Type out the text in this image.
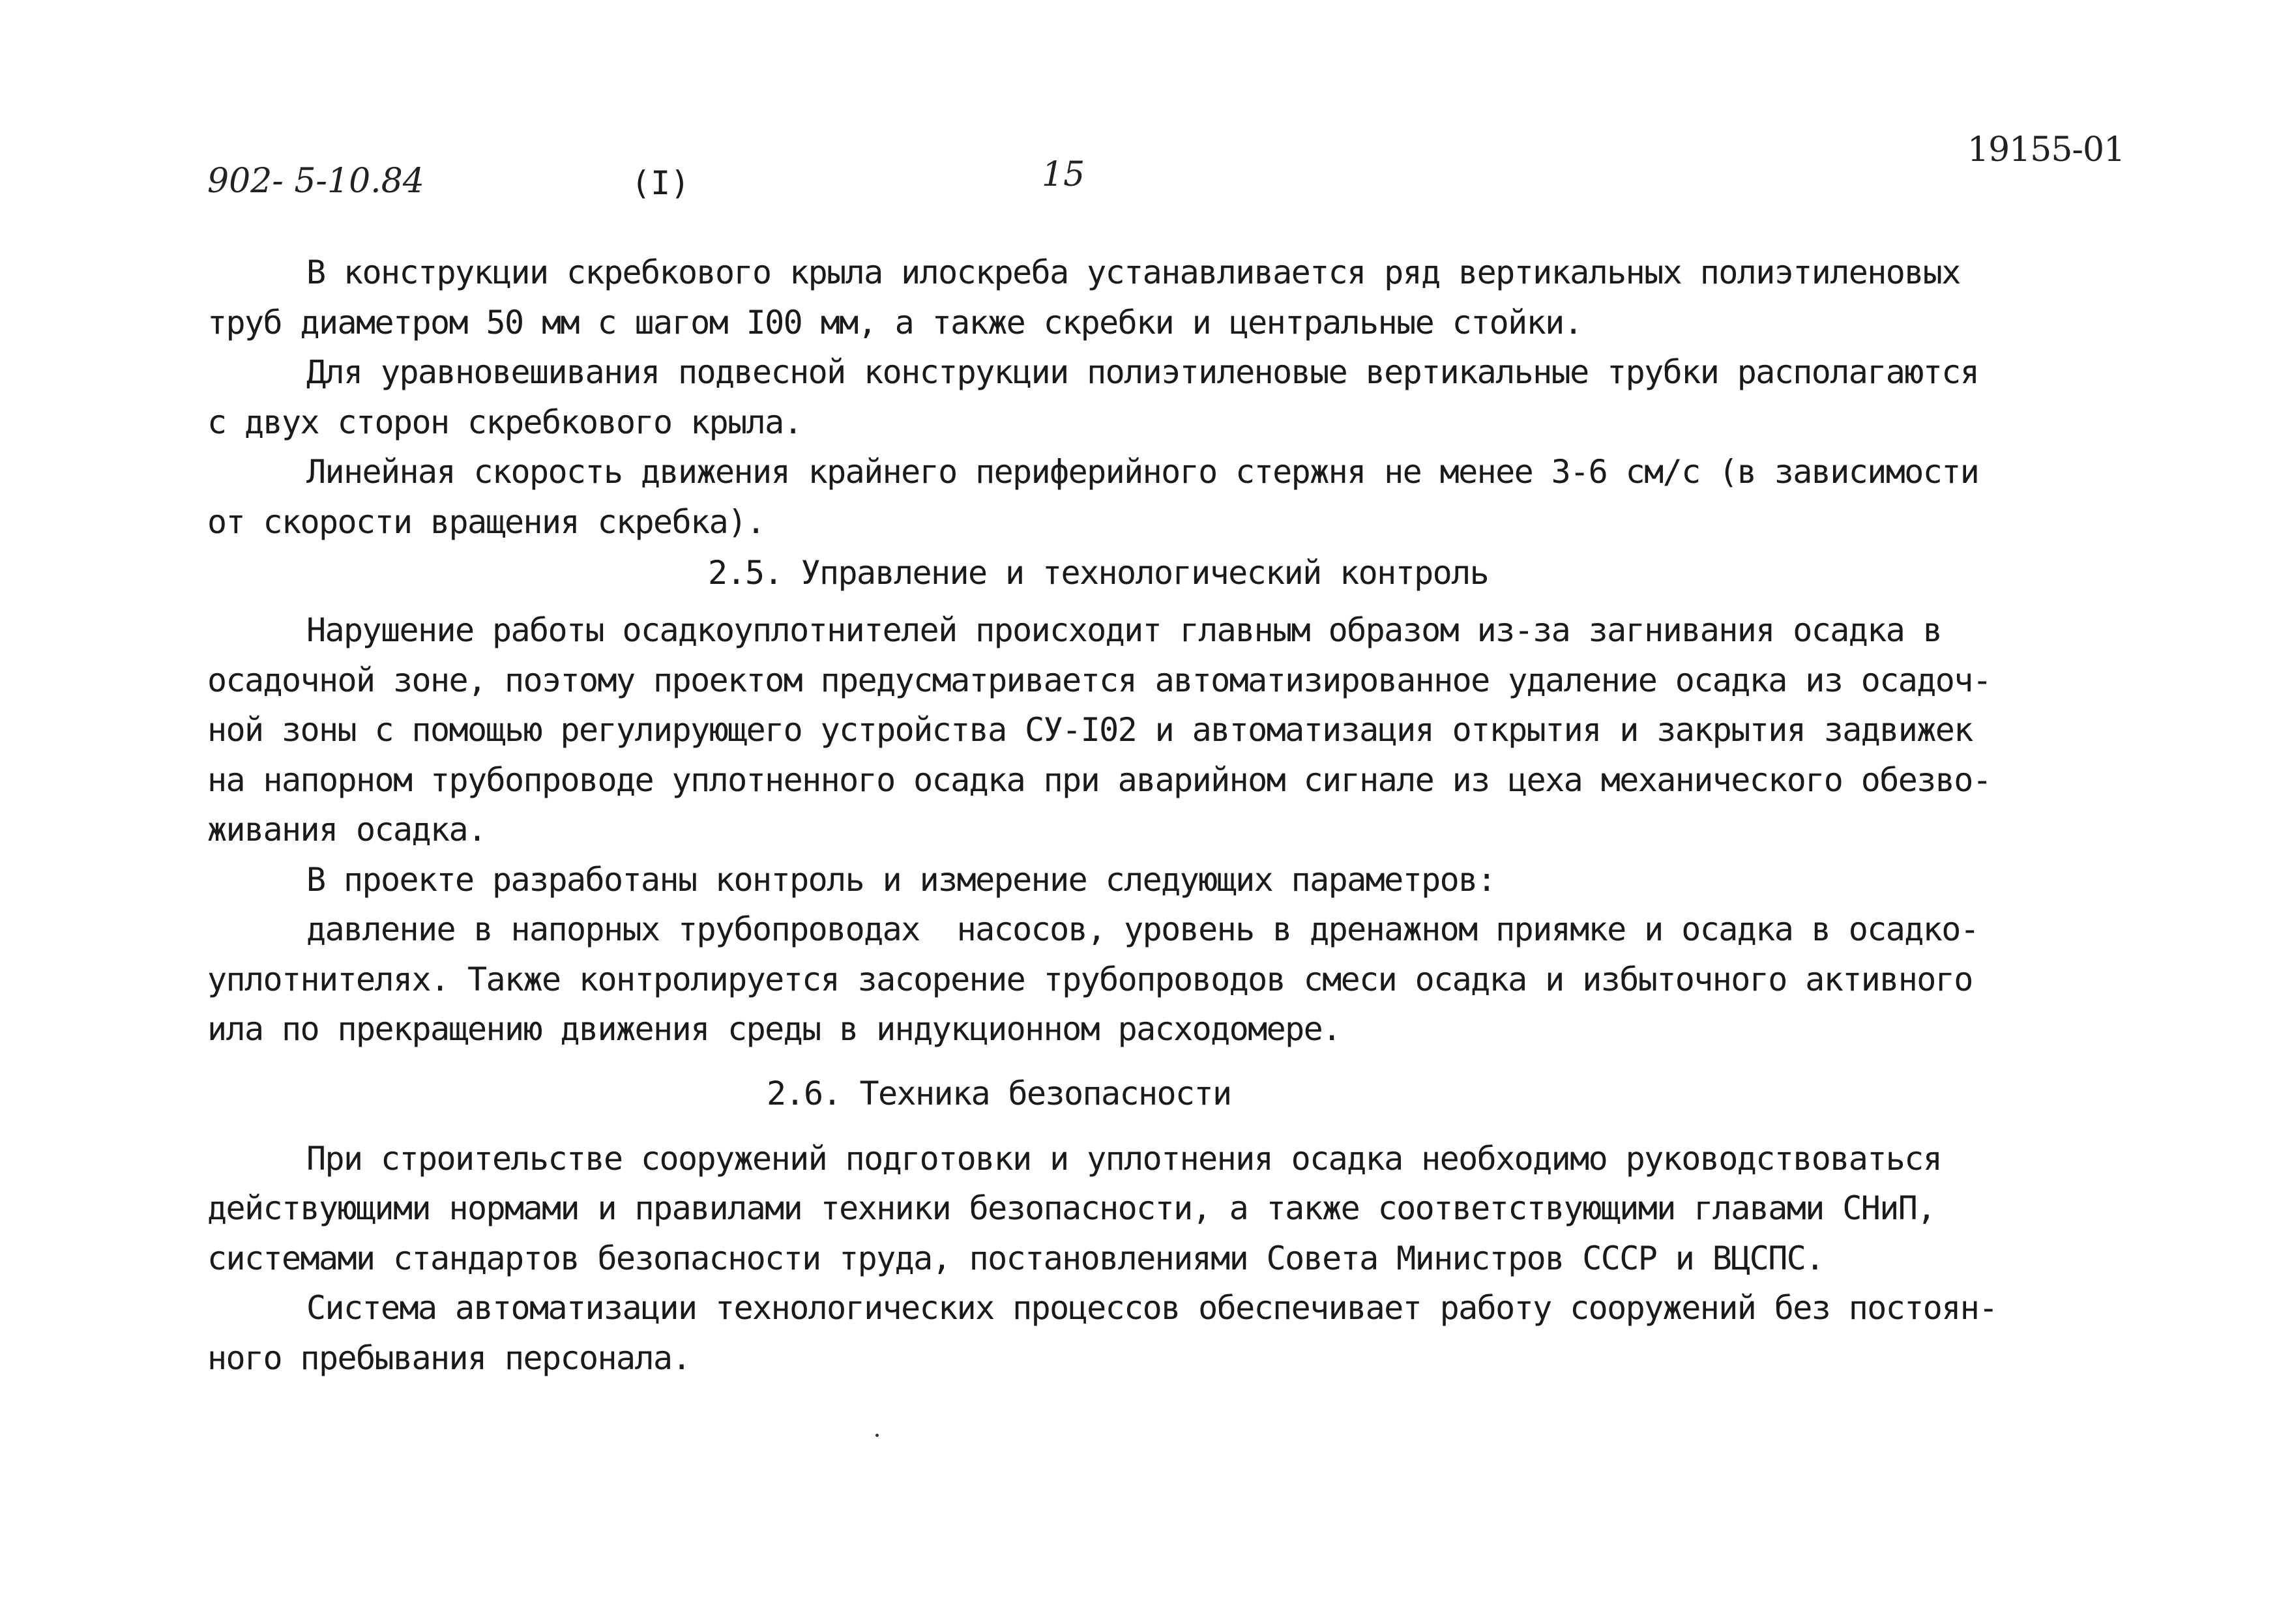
902- 5-10.84	(I)	15
19155-01
В конструкции скребкового крыла илоскреба устанавливается ряд вертикальных полиэтиленовых
труб диаметром 50 мм с шагом I00 мм, а также скребки и центральные стойки.
Для уравновешивания подвесной конструкции полиэтиленовые вертикальные трубки располагаются
с двух сторон скребкового крыла.
Линейная скорость движения крайнего периферийного стержня не менее 3-6 см/с (в зависимости
от скорости вращения скребка).
2.5. Управление и технологический контроль
Нарушение работы осадкоуплотнителей происходит главным образом из-за загнивания осадка в
осадочной зоне, поэтому проектом предусматривается автоматизированное удаление осадка из осадоч-
ной зоны с помощью регулирующего устройства СУ-I02 и автоматизация открытия и закрытия задвижек
на напорном трубопроводе уплотненного осадка при аварийном сигнале из цеха механического обезво-
живания осадка.
В проекте разработаны контроль и измерение следующих параметров:
давление в напорных трубопроводах  насосов, уровень в дренажном приямке и осадка в осадко-
уплотнителях. Также контролируется засорение трубопроводов смеси осадка и избыточного активного
ила по прекращению движения среды в индукционном расходомере.
2.6. Техника безопасности
При строительстве сооружений подготовки и уплотнения осадка необходимо руководствоваться
действующими нормами и правилами техники безопасности, а также соответствующими главами СНиП,
системами стандартов безопасности труда, постановлениями Совета Министров СССР и ВЦСПС.
Система автоматизации технологических процессов обеспечивает работу сооружений без постоян-
ного пребывания персонала.
